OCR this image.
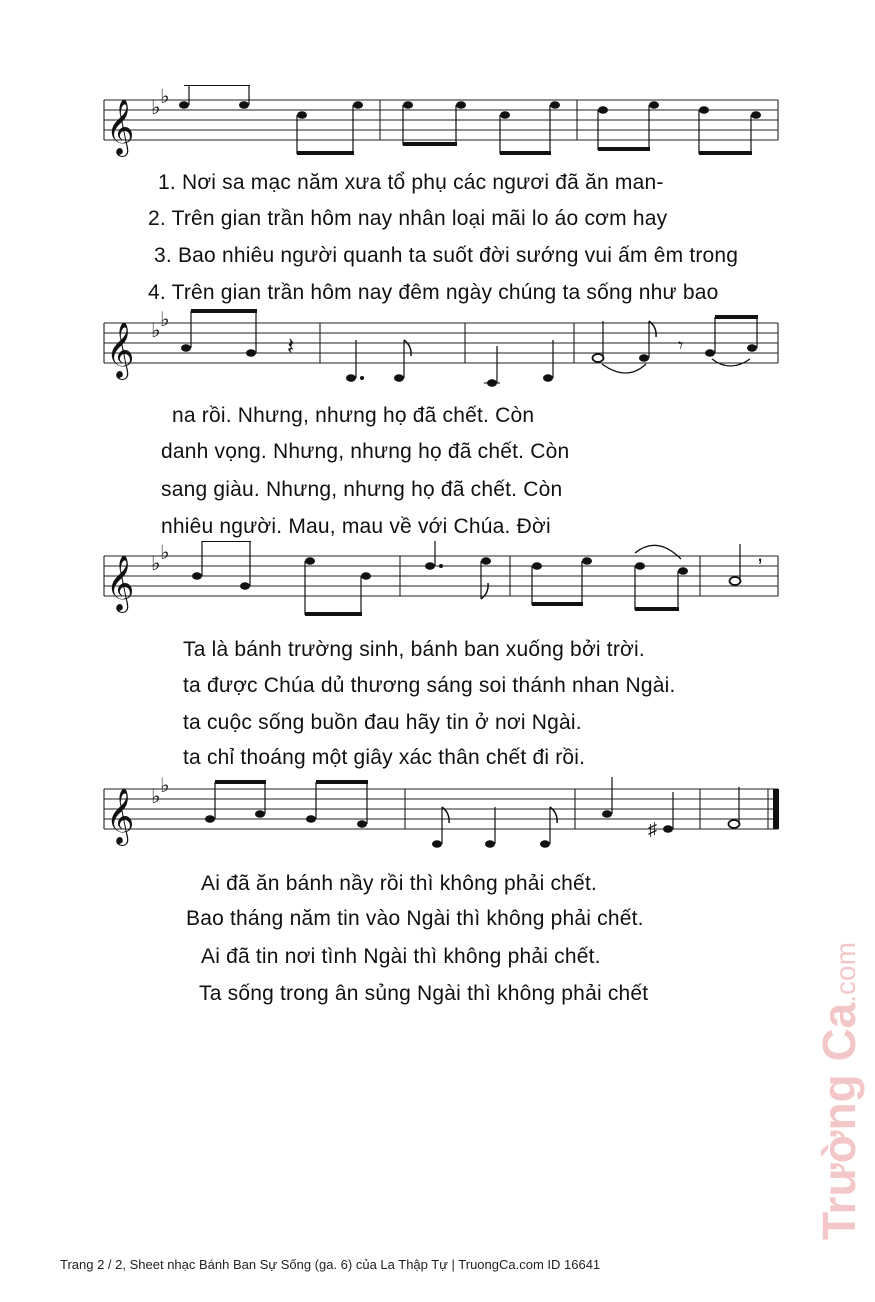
𝄞 ♭ ♭
1. Nơi sa mạc năm xưa tổ phụ các ngươi đã ăn man-
2. Trên gian trần hôm nay nhân loại mãi lo áo cơm hay
3. Bao nhiêu người quanh ta suốt đời sướng vui ấm êm trong
4. Trên gian trần hôm nay đêm ngày chúng ta sống như bao
𝄞 ♭ ♭
𝄽	𝄾
na rồi. Nhưng, nhưng họ đã chết. Còn
danh vọng. Nhưng, nhưng họ đã chết. Còn
sang giàu. Nhưng, nhưng họ đã chết. Còn
nhiêu người. Mau, mau về với Chúa. Đời
𝄞 ♭ ♭	,
Ta là bánh trường sinh, bánh ban xuống bởi trời.
ta được Chúa dủ thương sáng soi thánh nhan Ngài.
ta cuộc sống buồn đau hãy tin ở nơi Ngài.
ta chỉ thoáng một giây xác thân chết đi rồi.
𝄞 ♭ ♭
♯
Ai đã ăn bánh nầy rồi thì không phải chết.
Bao tháng năm tin vào Ngài thì không phải chết.
Ai đã tin nơi tình Ngài thì không phải chết.
Ta sống trong ân sủng Ngài thì không phải chết
Trường Ca.com
Trang 2 / 2, Sheet nhạc Bánh Ban Sự Sống (ga. 6) của La Thập Tự | TruongCa.com ID 16641
